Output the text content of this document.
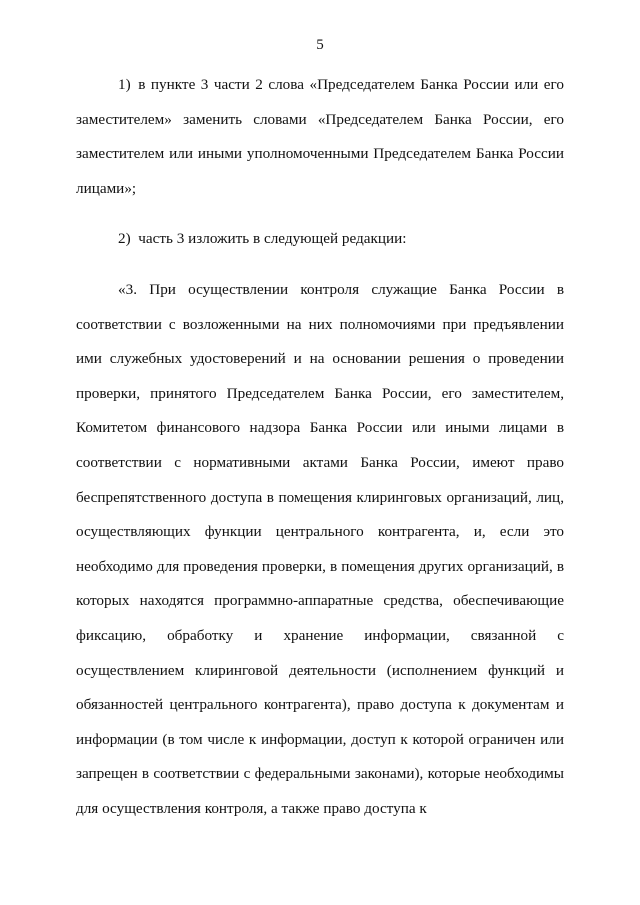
5

1) в пункте 3 части 2 слова «Председателем Банка России или его заместителем» заменить словами «Председателем Банка России, его заместителем или иными уполномоченными Председателем Банка России лицами»;

2) часть 3 изложить в следующей редакции:

«3. При осуществлении контроля служащие Банка России в соответствии с возложенными на них полномочиями при предъявлении ими служебных удостоверений и на основании решения о проведении проверки, принятого Председателем Банка России, его заместителем, Комитетом финансового надзора Банка России или иными лицами в соответствии с нормативными актами Банка России, имеют право беспрепятственного доступа в помещения клиринговых организаций, лиц, осуществляющих функции центрального контрагента, и, если это необходимо для проведения проверки, в помещения других организаций, в которых находятся программно-аппаратные средства, обеспечивающие фиксацию, обработку и хранение информации, связанной с осуществлением клиринговой деятельности (исполнением функций и обязанностей центрального контрагента), право доступа к документам и информации (в том числе к информации, доступ к которой ограничен или запрещен в соответствии с федеральными законами), которые необходимы для осуществления контроля, а также право доступа к
